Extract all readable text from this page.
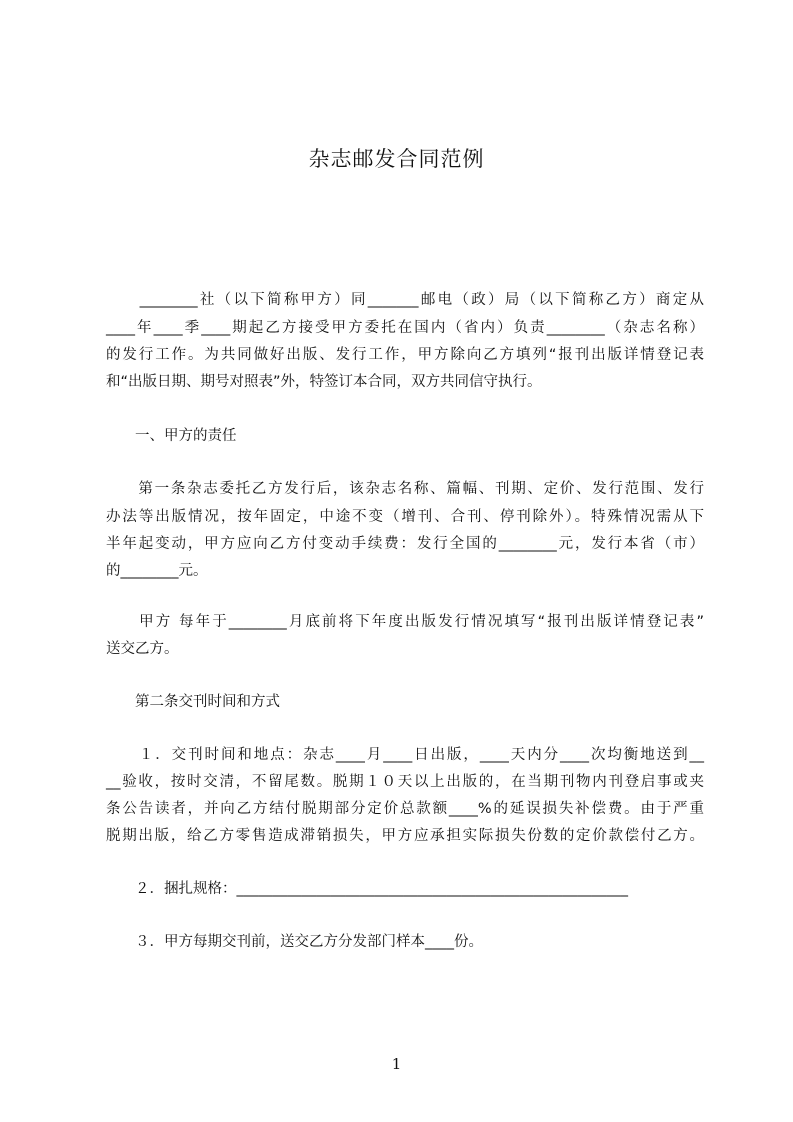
杂志邮发合同范例
　　________社（以下简称甲方）同_______邮电（政）局（以下简称乙方）商定从
____年____季____期起乙方接受甲方委托在国内（省内）负责________（杂志名称）
的发行工作。为共同做好出版、发行工作，甲方除向乙方填列“报刊出版详情登记表
和“出版日期、期号对照表”外，特签订本合同，双方共同信守执行。
　　一、甲方的责任
　　第一条杂志委托乙方发行后，该杂志名称、篇幅、刊期、定价、发行范围、发行
办法等出版情况，按年固定，中途不变（增刊、合刊、停刊除外）。特殊情况需从下
半年起变动，甲方应向乙方付变动手续费：发行全国的________元，发行本省（市）
的________元。
　　甲方 每年于________月底前将下年度出版发行情况填写“报刊出版详情登记表”
送交乙方。
　　第二条交刊时间和方式
　　１．交刊时间和地点：杂志____月____日出版，____天内分____次均衡地送到__
__验收，按时交清，不留尾数。脱期１０天以上出版的，在当期刊物内刊登启事或夹
条公告读者，并向乙方结付脱期部分定价总款额____%的延误损失补偿费。由于严重
脱期出版，给乙方零售造成滞销损失，甲方应承担实际损失份数的定价款偿付乙方。
　　２．捆扎规格：______________________________________________________
　　３．甲方每期交刊前，送交乙方分发部门样本____份。
1
